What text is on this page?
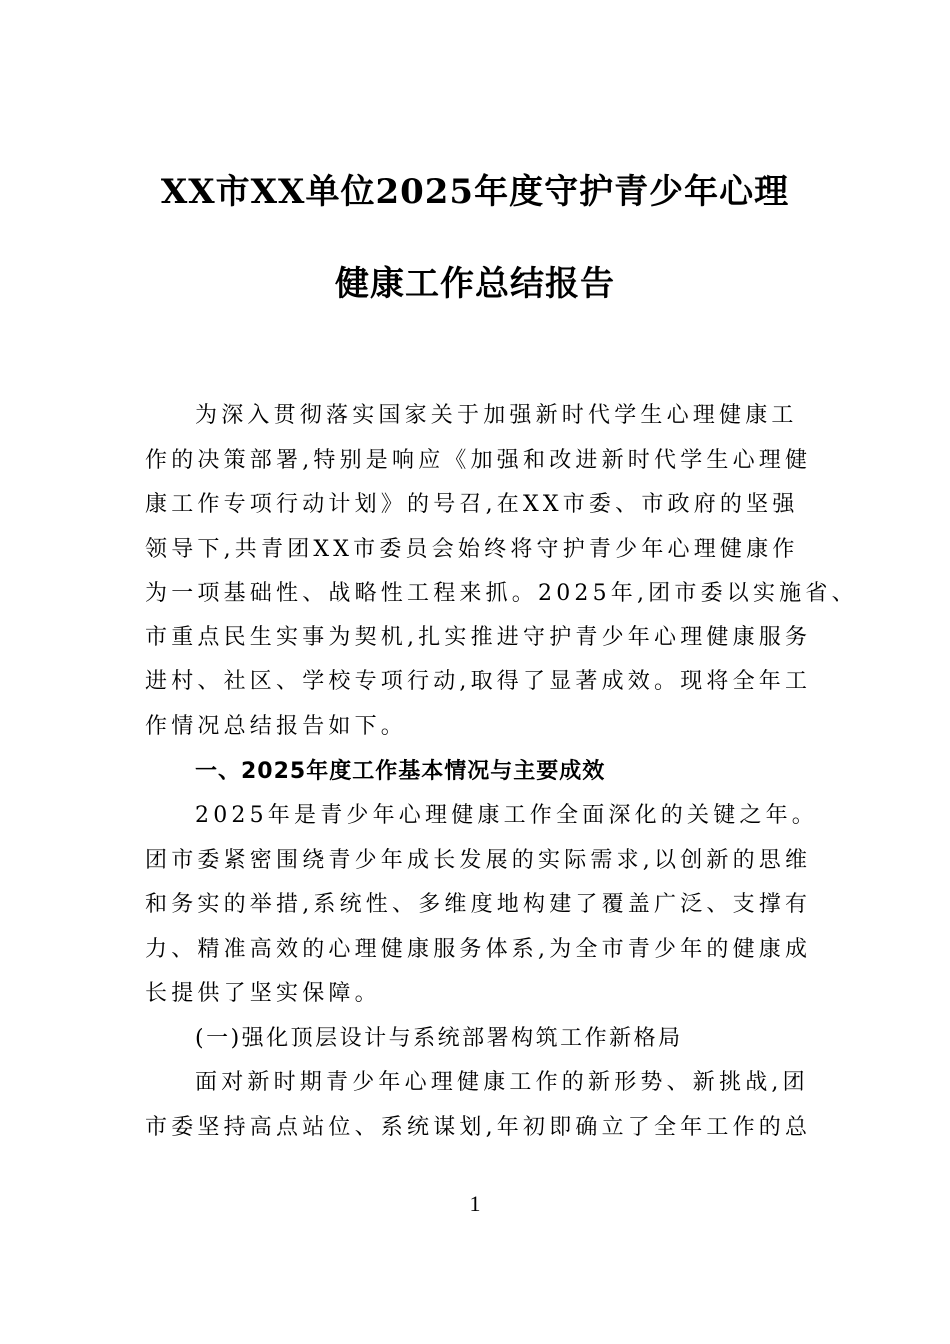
XX市XX单位2025年度守护青少年心理
健康工作总结报告
为深入贯彻落实国家关于加强新时代学生心理健康工
作的决策部署,特别是响应《加强和改进新时代学生心理健
康工作专项行动计划》的号召,在XX市委、市政府的坚强
领导下,共青团XX市委员会始终将守护青少年心理健康作
为一项基础性、战略性工程来抓。2025年,团市委以实施省、
市重点民生实事为契机,扎实推进守护青少年心理健康服务
进村、社区、学校专项行动,取得了显著成效。现将全年工
作情况总结报告如下。
一、2025年度工作基本情况与主要成效
2025年是青少年心理健康工作全面深化的关键之年。
团市委紧密围绕青少年成长发展的实际需求,以创新的思维
和务实的举措,系统性、多维度地构建了覆盖广泛、支撑有
力、精准高效的心理健康服务体系,为全市青少年的健康成
长提供了坚实保障。
(一)强化顶层设计与系统部署构筑工作新格局
面对新时期青少年心理健康工作的新形势、新挑战,团
市委坚持高点站位、系统谋划,年初即确立了全年工作的总
1
